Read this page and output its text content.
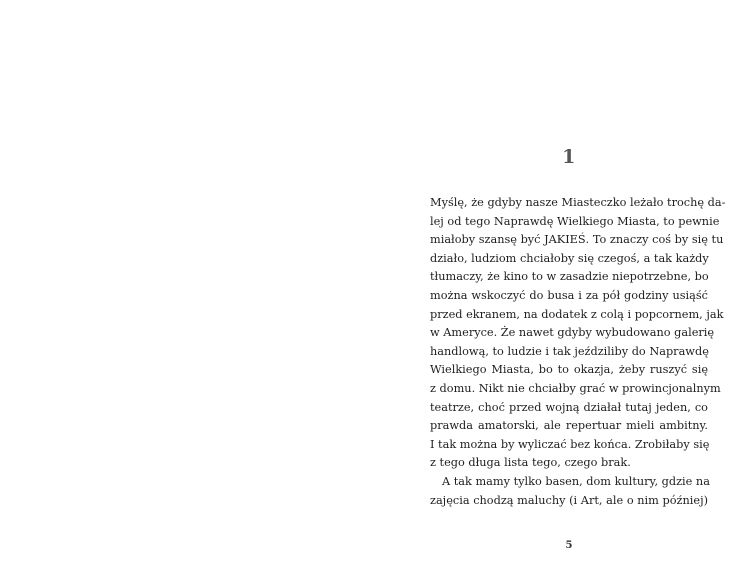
1
Myślę, że gdyby nasze Miasteczko leżało trochę da-
lej od tego Naprawdę Wielkiego Miasta, to pewnie
miałoby szansę być JAKIEŚ. To znaczy coś by się tu
działo, ludziom chciałoby się czegoś, a tak każdy
tłumaczy, że kino to w zasadzie niepotrzebne, bo
można wskoczyć do busa i za pół godziny usiąść
przed ekranem, na dodatek z colą i popcornem, jak
w Ameryce. Że nawet gdyby wybudowano galerię
handlową, to ludzie i tak jeździliby do Naprawdę
Wielkiego Miasta, bo to okazja, żeby ruszyć się
z domu. Nikt nie chciałby grać w prowincjonalnym
teatrze, choć przed wojną działał tutaj jeden, co
prawda amatorski, ale repertuar mieli ambitny.
I tak można by wyliczać bez końca. Zrobiłaby się
z tego długa lista tego, czego brak.
A tak mamy tylko basen, dom kultury, gdzie na
zajęcia chodzą maluchy (i Art, ale o nim później)
5
